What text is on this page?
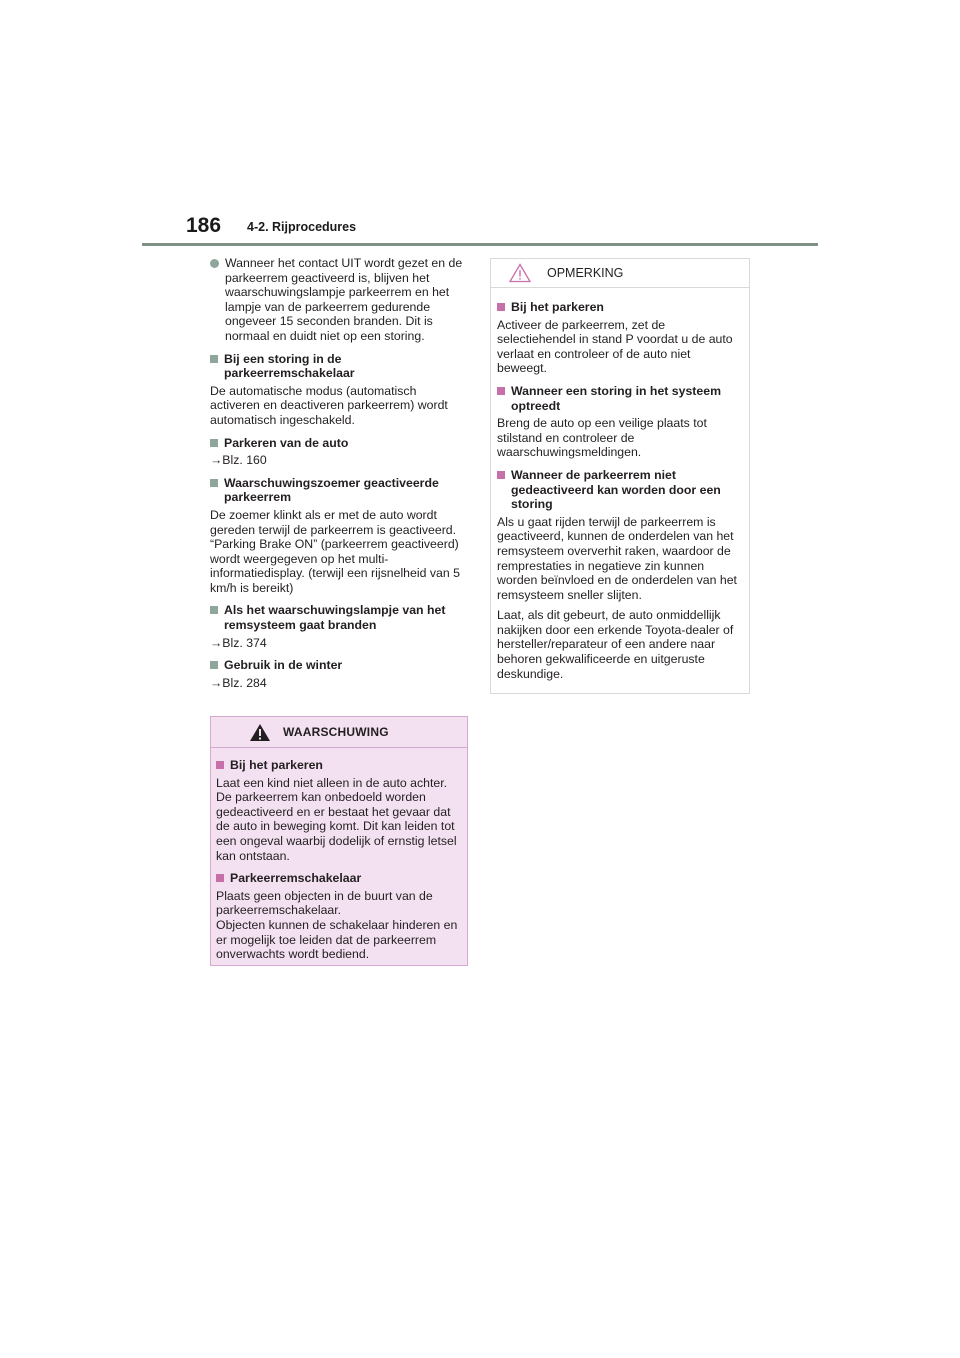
186 4-2. Rijprocedures
Wanneer het contact UIT wordt gezet en de parkeerrem geactiveerd is, blijven het waarschuwingslampje parkeerrem en het lampje van de parkeerrem gedurende ongeveer 15 seconden branden. Dit is normaal en duidt niet op een storing.
Bij een storing in de parkeerremschakelaar
De automatische modus (automatisch activeren en deactiveren parkeerrem) wordt automatisch ingeschakeld.
Parkeren van de auto
→Blz. 160
Waarschuwingszoemer geactiveerde parkeerrem
De zoemer klinkt als er met de auto wordt gereden terwijl de parkeerrem is geactiveerd. “Parking Brake ON” (parkeerrem geactiveerd) wordt weergegeven op het multi-informatiedisplay. (terwijl een rijsnelheid van 5 km/h is bereikt)
Als het waarschuwingslampje van het remsysteem gaat branden
→Blz. 374
Gebruik in de winter
→Blz. 284
WAARSCHUWING
Bij het parkeren
Laat een kind niet alleen in de auto achter. De parkeerrem kan onbedoeld worden gedeactiveerd en er bestaat het gevaar dat de auto in beweging komt. Dit kan leiden tot een ongeval waarbij dodelijk of ernstig letsel kan ontstaan.
Parkeerremschakelaar
Plaats geen objecten in de buurt van de parkeerremschakelaar.
Objecten kunnen de schakelaar hinderen en er mogelijk toe leiden dat de parkeerrem onverwachts wordt bediend.
OPMERKING
Bij het parkeren
Activeer de parkeerrem, zet de selectiehendel in stand P voordat u de auto verlaat en controleer of de auto niet beweegt.
Wanneer een storing in het systeem optreedt
Breng de auto op een veilige plaats tot stilstand en controleer de waarschuwingsmeldingen.
Wanneer de parkeerrem niet gedeactiveerd kan worden door een storing
Als u gaat rijden terwijl de parkeerrem is geactiveerd, kunnen de onderdelen van het remsysteem oververhit raken, waardoor de remprestaties in negatieve zin kunnen worden beïnvloed en de onderdelen van het remsysteem sneller slijten.
Laat, als dit gebeurt, de auto onmiddellijk nakijken door een erkende Toyota-dealer of hersteller/reparateur of een andere naar behoren gekwalificeerde en uitgeruste deskundige.
